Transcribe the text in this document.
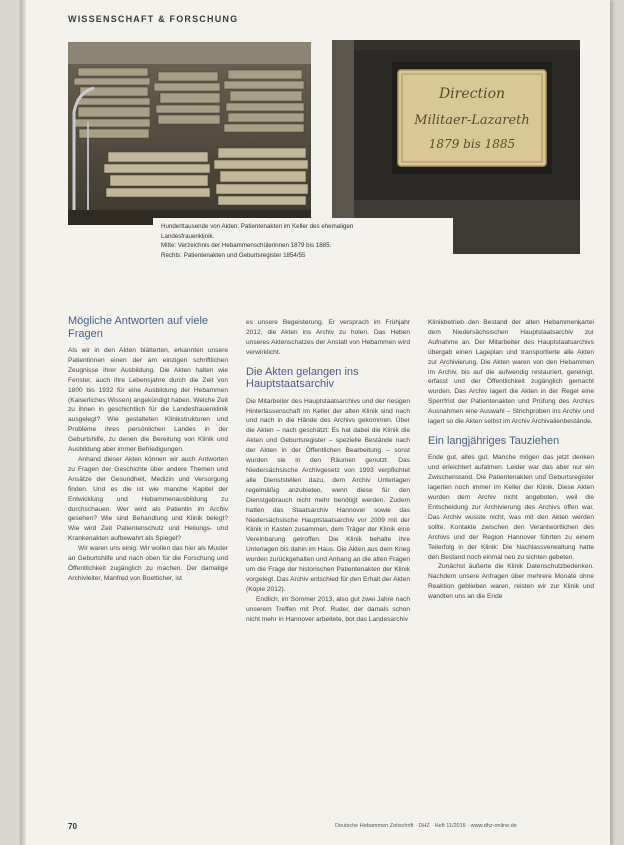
WISSENSCHAFT & FORSCHUNG
Direction
Militaer-Lazareth
1879 bis 1885
Hunderttausende von Akten: Patientenakten im Keller des ehemaligen
Landesfrauenklinik.
Mitte: Verzeichnis der Hebammenschülerinnen 1879 bis 1885.
Rechts: Patientenakten und Geburtsregister 1854/55
Mögliche Antworten auf viele Fragen

Als wir in den Akten blätterten, erkannten unsere Patientinnen einen der am einzigen schriftlichen Zeugnisse ihrer Ausbildung. Die Akten halten wie Fenster, auch ihre Lebensjahre durch die Zeit von 1800 bis 1932 für eine Ausbildung der Hebammen (Kaiserliches Wissen) angekündigt haben. Welche Zeit zu ihnen in geschichtlich für die Landesfrauenklinik ausgelegt? Wie gestalteten Klinikstrukturen und Probleme ihres persönlichen Landes in der Geburtshilfe, zu denen die Bereitung von Klinik und Ausbildung aber immer Befriedigungen.

Anhand dieser Akten können wir auch Antworten zu Fragen der Geschichte über andere Themen und Ansätze der Gesundheit, Medizin und Versorgung finden. Und es die ist wie manche Kapitel der Entwicklung und Hebammenausbildung zu durchschauen. Wer wird als Patientin im Archiv gesehen? Wie sind Behandlung und Klinik belegt? Wie wird Zeit Patientenschutz und Heilungs- und Krankenakten aufbewahrt als Spiegel?

Wir waren uns einig: Wir wollen das hier als Muster an Geburtshilfe und nach oben für die Forschung und Öffentlichkeit zugänglich zu machen. Der damalige Archivleiter, Manfred von Boetticher, ist

es unsere Begeisterung. Er versprach im Frühjahr 2012, die Akten ins Archiv zu holen. Das Heben unseres Aktenschatzes der Anstalt von Hebammen wird verwirklicht.

Die Akten gelangen ins Hauptstaatsarchiv

Die Mitarbeiter des Hauptstaatsarchivs und der riesigen Hinterlassenschaft im Keller der alten Klinik sind nach und nach in die Hände des Archivs gekommen. Über die Akten – nach geschätzt: Es hat dabei die Klinik die Akten und Geburtsregister – spezielle Bestände nach der Akten in der Öffentlichen Bearbeitung – sonst wurden sie in den Räumen genutzt. Das Niedersächsische Archivgesetz von 1993 verpflichtet alle Dienststellen dazu, dem Archiv Unterlagen regelmäßig anzubieten, wenn diese für den Dienstgebrauch nicht mehr benötigt werden. Zudem hatten das Staatsarchiv Hannover sowie das Niedersächsische Hauptstaatsarchiv vor 2009 mit der Klinik in Kasten zusammen, dem Träger der Klinik eine Vereinbarung getroffen. Die Klinik behalte ihre Unterlagen bis dahin im Haus. Die Akten aus dem Krieg wurden zurückgehalten und Anhang an die alten Fragen um die Frage der historischen Patientenakten der Klinik vorgelegt. Das Archiv entschied für den Erhalt der Akten (Kopie 2012).

Endlich, im Sommer 2013, also gut zwei Jahre nach unserem Treffen mit Prof. Ruder, der damals schon nicht mehr in Hannover arbeitete, bot das Landesarchiv

Klinikbetrieb den Bestand der alten Hebammenkartei dem Niedersächsischen Hauptstaatsarchiv zur Aufnahme an. Der Mitarbeiter des Hauptstaatsarchivs übergab einen Lageplan und transportierte alle Akten zur Archivierung. Die Akten waren von den Hebammen im Archiv, bis auf die aufwendig restauriert, gereinigt, erfasst und der Öffentlichkeit zugänglich gemacht wurden. Das Archiv lagert die Akten in der Regel eine Sperrfrist der Patientenakten und Prüfung des Archivs Ausnahmen eine Auswahl – Strichproben ins Archiv und lagert so die Akten selbst im Archiv Archivalienbestände.

Ein langjähriges Tauziehen

Ende gut, alles gut. Manche mögen das jetzt denken und erleichtert aufatmen. Leider war das aber nur ein Zwischenstand. Die Patientenakten und Geburtsregister lagerten noch immer im Keller der Klinik. Diese Akten wurden dem Archiv nicht angeboten, weil die Entscheidung zur Archivierung des Archivs offen war. Das Archiv wusste nicht, was mit den Akten werden sollte. Kontakte zwischen den Verantwortlichen des Archivs und der Region Hannover führten zu einem Teilerfolg in der Klinik: Die Nachlassverwaltung hatte den Bestand noch einmal neu zu sichten gebeten.

Zunächst äußerte die Klinik Datenschutzbedenken. Nachdem unsere Anfragen über mehrere Monate ohne Reaktion geblieben waren, reisten wir zur Klinik und wandten uns an die Ende

70	Deutsche Hebammen Zeitschrift · DHZ · Heft 11/2016 · www.dhz-online.de
